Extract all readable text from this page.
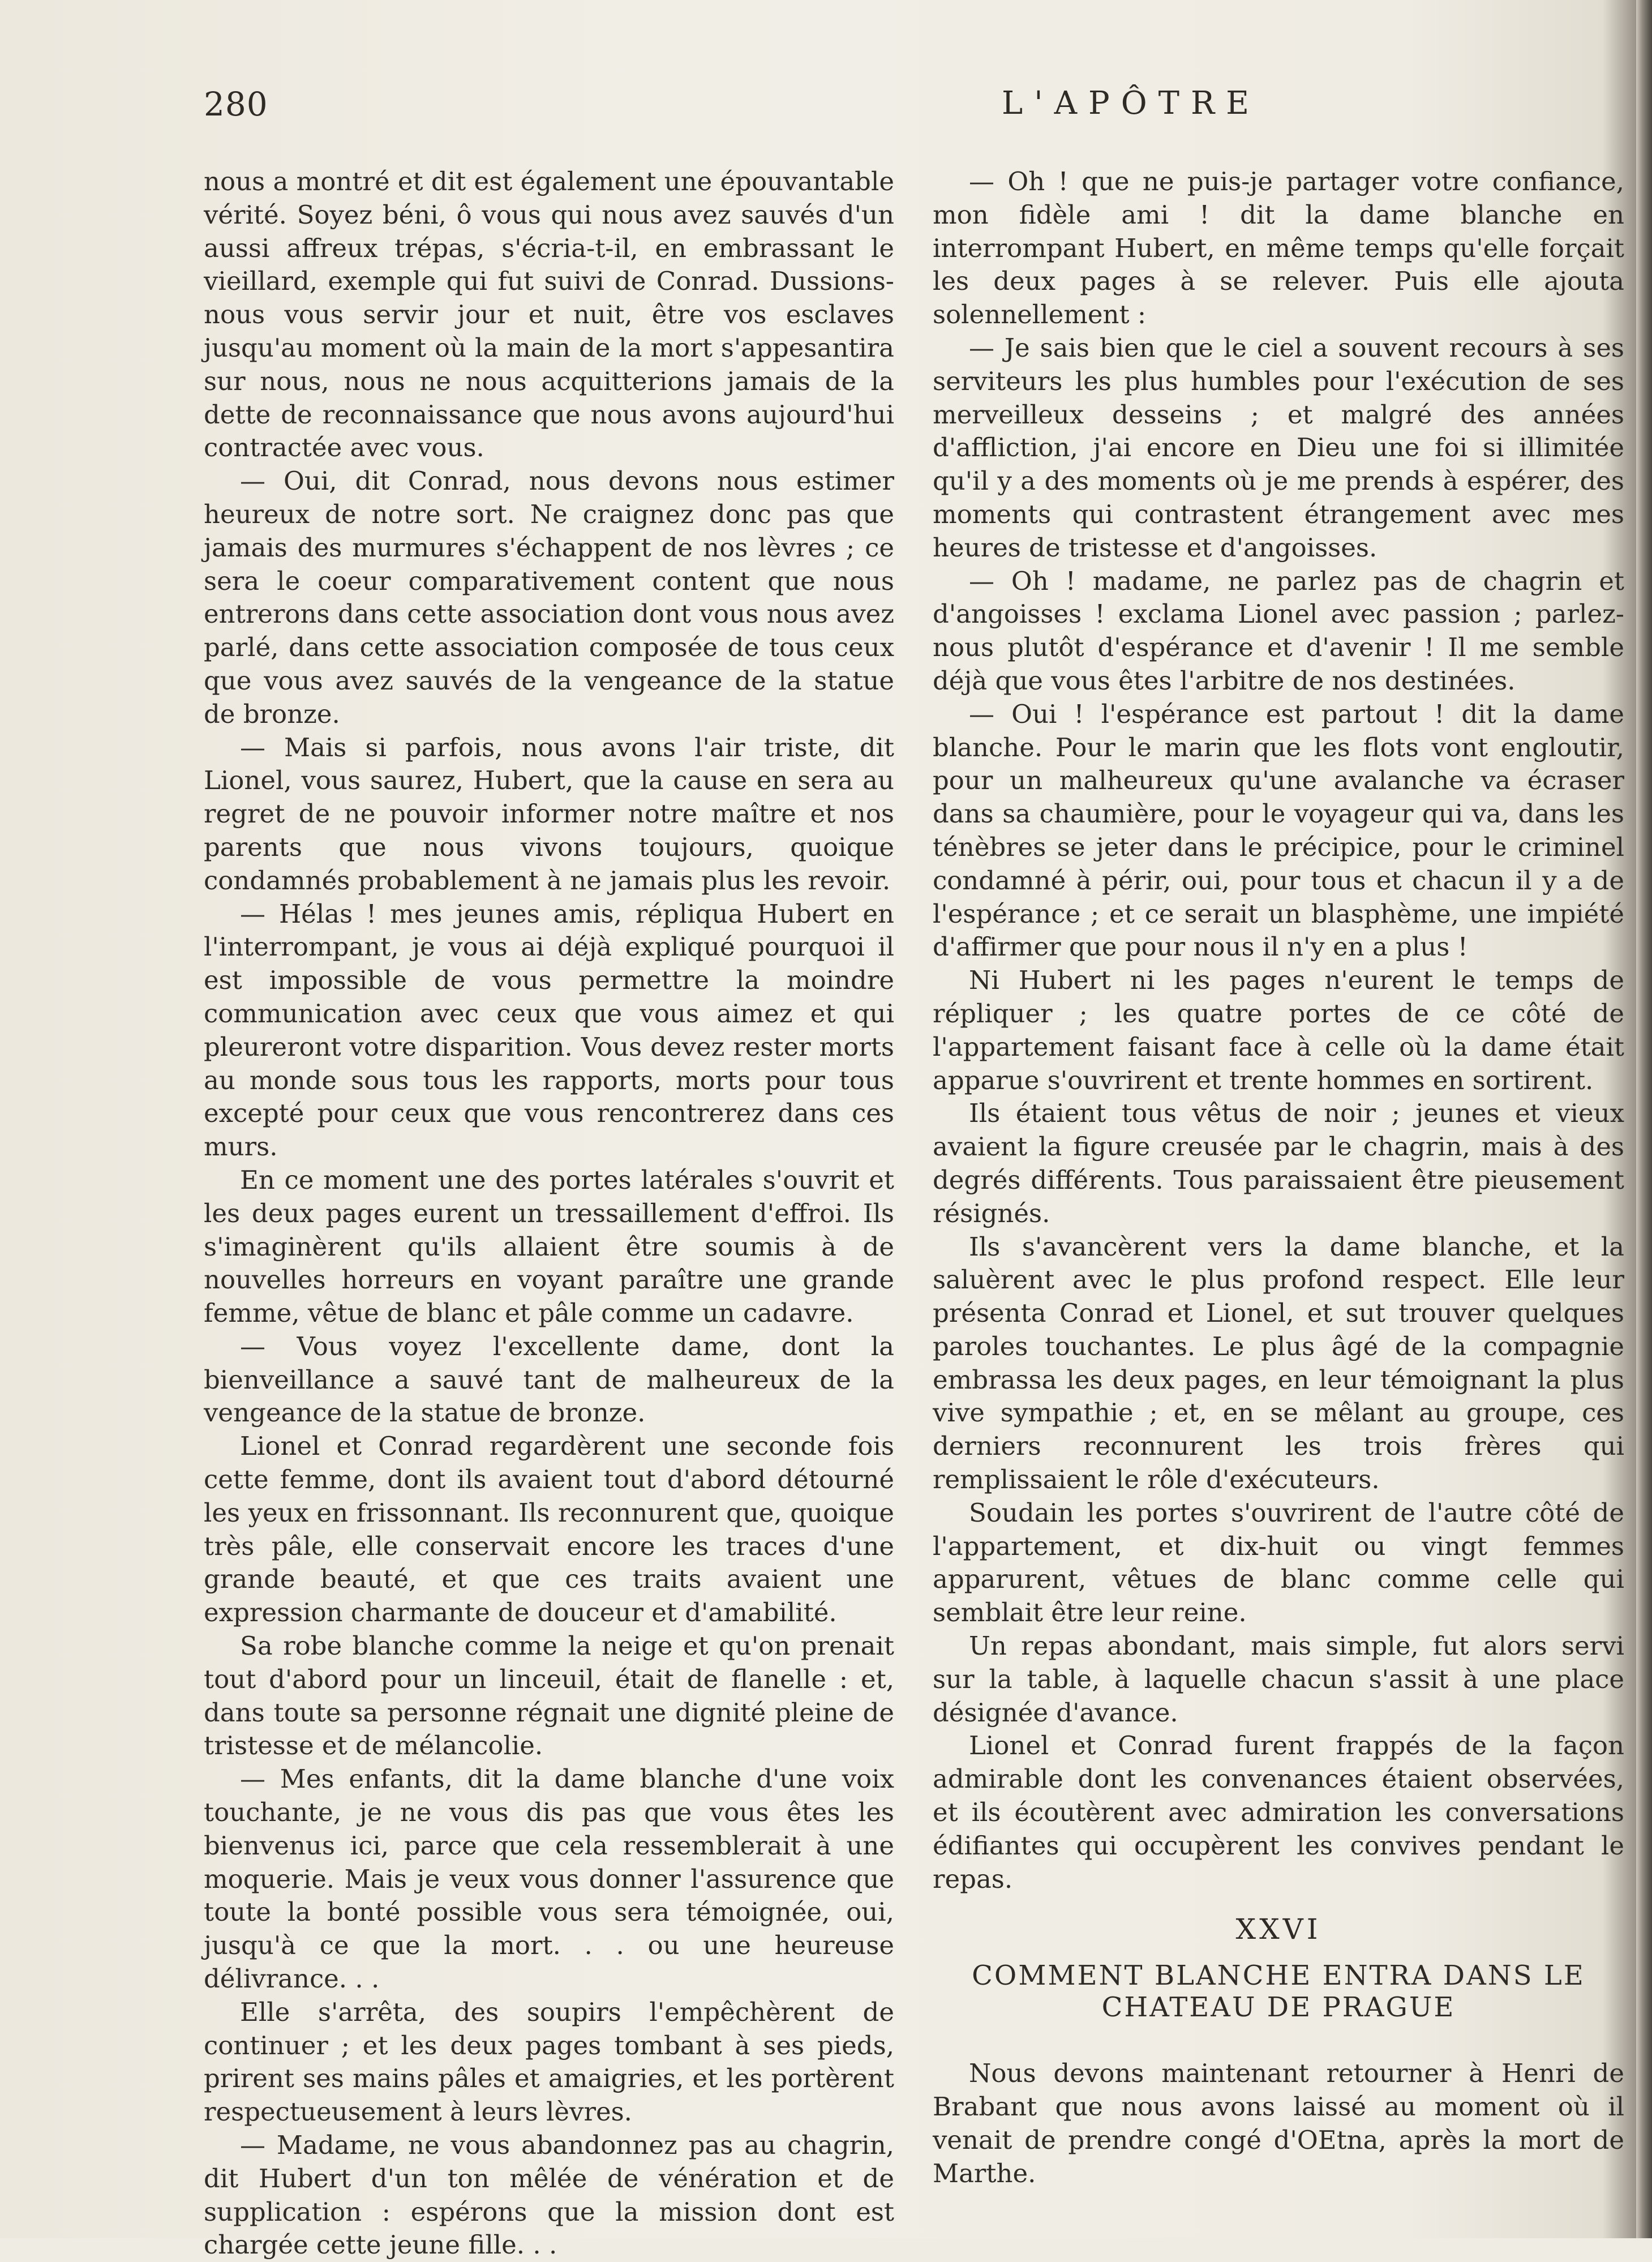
280	L'APÔTRE

nous a montré et dit est également une épouvantable vérité. Soyez béni, ô vous qui nous avez sauvés d'un aussi affreux trépas, s'écria-t-il, en embrassant le vieillard, exemple qui fut suivi de Conrad. Dussions-nous vous servir jour et nuit, être vos esclaves jusqu'au moment où la main de la mort s'appesantira sur nous, nous ne nous acquitterions jamais de la dette de reconnaissance que nous avons aujourd'hui contractée avec vous.

— Oui, dit Conrad, nous devons nous estimer heureux de notre sort. Ne craignez donc pas que jamais des murmures s'échappent de nos lèvres ; ce sera le coeur comparativement content que nous entrerons dans cette association dont vous nous avez parlé, dans cette association composée de tous ceux que vous avez sauvés de la vengeance de la statue de bronze.

— Mais si parfois, nous avons l'air triste, dit Lionel, vous saurez, Hubert, que la cause en sera au regret de ne pouvoir informer notre maître et nos parents que nous vivons toujours, quoique condamnés probablement à ne jamais plus les revoir.

— Hélas ! mes jeunes amis, répliqua Hubert en l'interrompant, je vous ai déjà expliqué pourquoi il est impossible de vous permettre la moindre communication avec ceux que vous aimez et qui pleureront votre disparition. Vous devez rester morts au monde sous tous les rapports, morts pour tous excepté pour ceux que vous rencontrerez dans ces murs.

En ce moment une des portes latérales s'ouvrit et les deux pages eurent un tressaillement d'effroi. Ils s'imaginèrent qu'ils allaient être soumis à de nouvelles horreurs en voyant paraître une grande femme, vêtue de blanc et pâle comme un cadavre.

— Vous voyez l'excellente dame, dont la bienveillance a sauvé tant de malheureux de la vengeance de la statue de bronze.

Lionel et Conrad regardèrent une seconde fois cette femme, dont ils avaient tout d'abord détourné les yeux en frissonnant. Ils reconnurent que, quoique très pâle, elle conservait encore les traces d'une grande beauté, et que ces traits avaient une expression charmante de douceur et d'amabilité.

Sa robe blanche comme la neige et qu'on prenait tout d'abord pour un linceuil, était de flanelle : et, dans toute sa personne régnait une dignité pleine de tristesse et de mélancolie.

— Mes enfants, dit la dame blanche d'une voix touchante, je ne vous dis pas que vous êtes les bienvenus ici, parce que cela ressemblerait à une moquerie. Mais je veux vous donner l'assurence que toute la bonté possible vous sera témoignée, oui, jusqu'à ce que la mort. . . ou une heureuse délivrance. . .

Elle s'arrêta, des soupirs l'empêchèrent de continuer ; et les deux pages tombant à ses pieds, prirent ses mains pâles et amaigries, et les portèrent respectueusement à leurs lèvres.

— Madame, ne vous abandonnez pas au chagrin, dit Hubert d'un ton mêlée de vénération et de supplication : espérons que la mission dont est chargée cette jeune fille. . .

— Oh ! que ne puis-je partager votre confiance, mon fidèle ami ! dit la dame blanche en interrompant Hubert, en même temps qu'elle forçait les deux pages à se relever. Puis elle ajouta solennellement :

— Je sais bien que le ciel a souvent recours à ses serviteurs les plus humbles pour l'exécution de ses merveilleux desseins ; et malgré des années d'affliction, j'ai encore en Dieu une foi si illimitée qu'il y a des moments où je me prends à espérer, des moments qui contrastent étrangement avec mes heures de tristesse et d'angoisses.

— Oh ! madame, ne parlez pas de chagrin et d'angoisses ! exclama Lionel avec passion ; parlez-nous plutôt d'espérance et d'avenir ! Il me semble déjà que vous êtes l'arbitre de nos destinées.

— Oui ! l'espérance est partout ! dit la dame blanche. Pour le marin que les flots vont engloutir, pour un malheureux qu'une avalanche va écraser dans sa chaumière, pour le voyageur qui va, dans les ténèbres se jeter dans le précipice, pour le criminel condamné à périr, oui, pour tous et chacun il y a de l'espérance ; et ce serait un blasphème, une impiété d'affirmer que pour nous il n'y en a plus !

Ni Hubert ni les pages n'eurent le temps de répliquer ; les quatre portes de ce côté de l'appartement faisant face à celle où la dame était apparue s'ouvrirent et trente hommes en sortirent.

Ils étaient tous vêtus de noir ; jeunes et vieux avaient la figure creusée par le chagrin, mais à des degrés différents. Tous paraissaient être pieusement résignés.

Ils s'avancèrent vers la dame blanche, et la saluèrent avec le plus profond respect. Elle leur présenta Conrad et Lionel, et sut trouver quelques paroles touchantes. Le plus âgé de la compagnie embrassa les deux pages, en leur témoignant la plus vive sympathie ; et, en se mêlant au groupe, ces derniers reconnurent les trois frères qui remplissaient le rôle d'exécuteurs.

Soudain les portes s'ouvrirent de l'autre côté de l'appartement, et dix-huit ou vingt femmes apparurent, vêtues de blanc comme celle qui semblait être leur reine.

Un repas abondant, mais simple, fut alors servi sur la table, à laquelle chacun s'assit à une place désignée d'avance.

Lionel et Conrad furent frappés de la façon admirable dont les convenances étaient observées, et ils écoutèrent avec admiration les conversations édifiantes qui occupèrent les convives pendant le repas.

XXVI
COMMENT BLANCHE ENTRA DANS LE
CHATEAU DE PRAGUE

Nous devons maintenant retourner à Henri de Brabant que nous avons laissé au moment où il venait de prendre congé d'OEtna, après la mort de Marthe.
